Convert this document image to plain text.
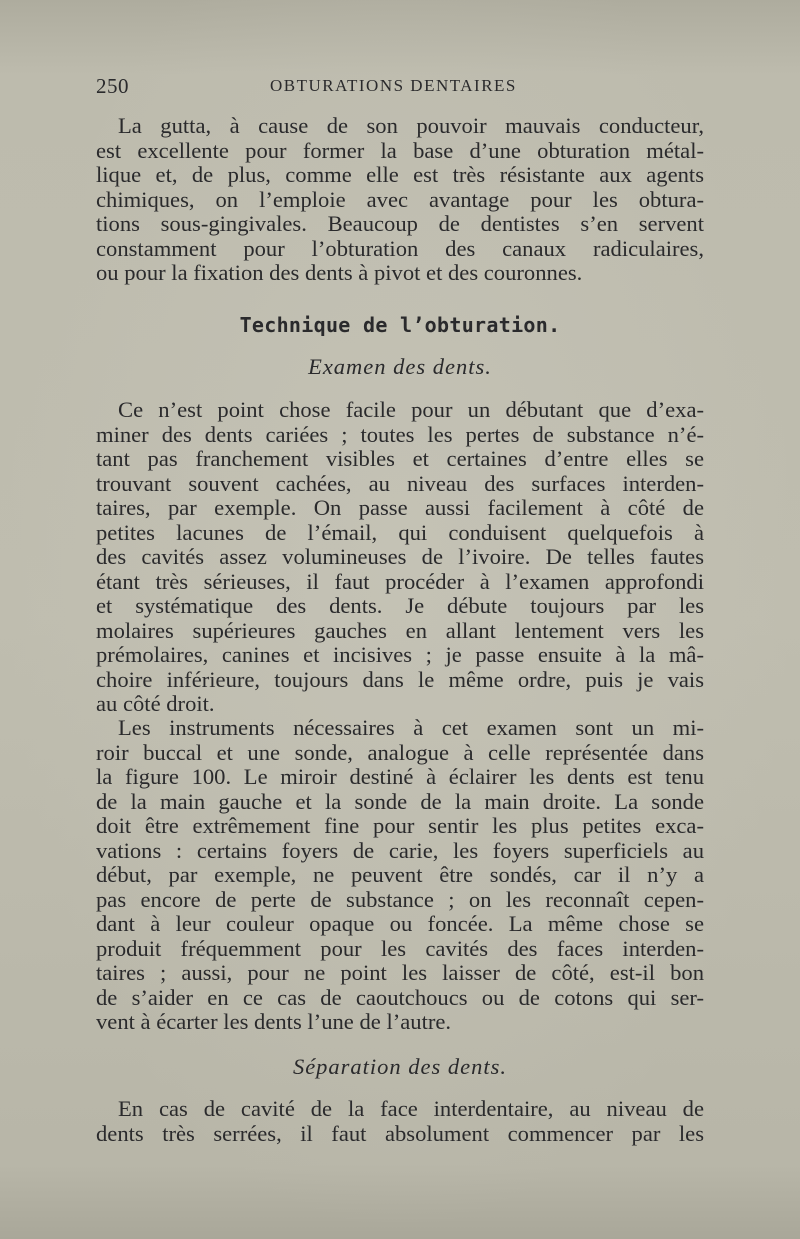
250	OBTURATIONS DENTAIRES
La gutta, à cause de son pouvoir mauvais conducteur,
est excellente pour former la base d’une obturation métal-
lique et, de plus, comme elle est très résistante aux agents
chimiques, on l’emploie avec avantage pour les obtura-
tions sous-gingivales. Beaucoup de dentistes s’en servent
constamment pour l’obturation des canaux radiculaires,
ou pour la fixation des dents à pivot et des couronnes.
Technique de l’obturation.
Examen des dents.
Ce n’est point chose facile pour un débutant que d’exa-
miner des dents cariées ; toutes les pertes de substance n’é-
tant pas franchement visibles et certaines d’entre elles se
trouvant souvent cachées, au niveau des surfaces interden-
taires, par exemple. On passe aussi facilement à côté de
petites lacunes de l’émail, qui conduisent quelquefois à
des cavités assez volumineuses de l’ivoire. De telles fautes
étant très sérieuses, il faut procéder à l’examen approfondi
et systématique des dents. Je débute toujours par les
molaires supérieures gauches en allant lentement vers les
prémolaires, canines et incisives ; je passe ensuite à la mâ-
choire inférieure, toujours dans le même ordre, puis je vais
au côté droit.
Les instruments nécessaires à cet examen sont un mi-
roir buccal et une sonde, analogue à celle représentée dans
la figure 100. Le miroir destiné à éclairer les dents est tenu
de la main gauche et la sonde de la main droite. La sonde
doit être extrêmement fine pour sentir les plus petites exca-
vations : certains foyers de carie, les foyers superficiels au
début, par exemple, ne peuvent être sondés, car il n’y a
pas encore de perte de substance ; on les reconnaît cepen-
dant à leur couleur opaque ou foncée. La même chose se
produit fréquemment pour les cavités des faces interden-
taires ; aussi, pour ne point les laisser de côté, est-il bon
de s’aider en ce cas de caoutchoucs ou de cotons qui ser-
vent à écarter les dents l’une de l’autre.
Séparation des dents.
En cas de cavité de la face interdentaire, au niveau de
dents très serrées, il faut absolument commencer par les
